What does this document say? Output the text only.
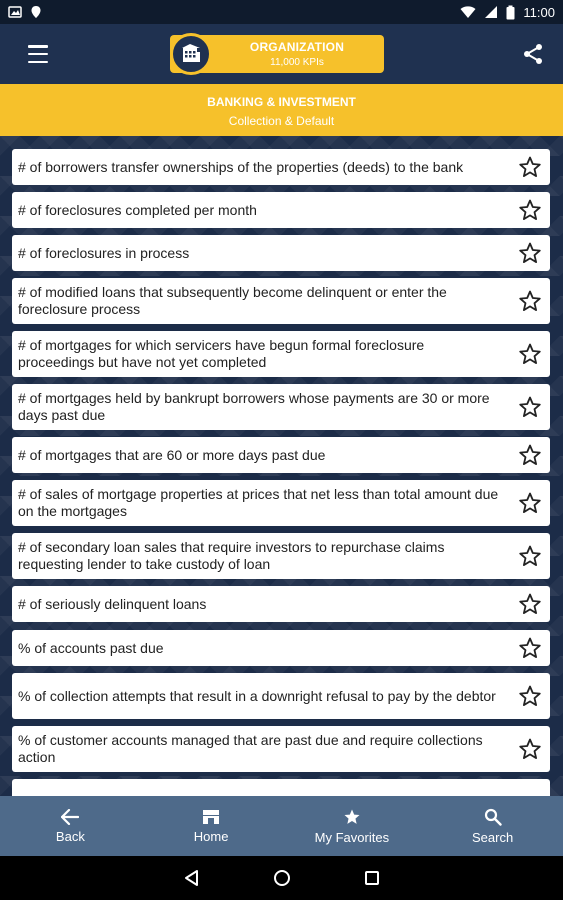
11:00
ORGANIZATION
11,000 KPIs
BANKING & INVESTMENT
Collection & Default
# of borrowers transfer ownerships of the properties (deeds) to the bank
# of foreclosures completed per month
# of foreclosures in process
# of modified loans that subsequently become delinquent or enter the foreclosure process
# of mortgages for which servicers have begun formal foreclosure proceedings but have not yet completed
# of mortgages held by bankrupt borrowers whose payments are 30 or more days past due
# of mortgages that are 60 or more days past due
# of sales of mortgage properties at prices that net less than total amount due on the mortgages
# of secondary loan sales that require investors to repurchase claims requesting lender to take custody of loan
# of seriously delinquent loans
% of accounts past due
% of collection attempts that result in a downright refusal to pay by the debtor
% of customer accounts managed that are past due and require collections action
Back	Home	My Favorites	Search
